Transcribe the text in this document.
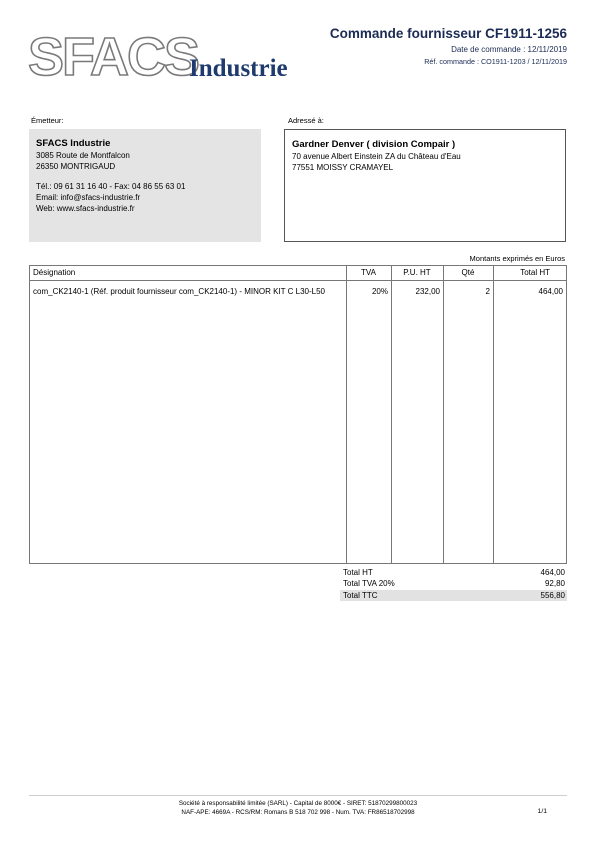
SFACS
Industrie
Commande fournisseur CF1911-1256
Date de commande : 12/11/2019
Réf. commande : CO1911-1203 / 12/11/2019
Émetteur:
SFACS Industrie
3085 Route de Montfalcon
26350 MONTRIGAUD
Tél.: 09 61 31 16 40 - Fax: 04 86 55 63 01
Email: info@sfacs-industrie.fr
Web: www.sfacs-industrie.fr
Adressé à:
Gardner Denver ( division Compair )
70 avenue Albert Einstein ZA du Château d'Eau
77551 MOISSY CRAMAYEL
Montants exprimés en Euros
Désignation	TVA	P.U. HT	Qté	Total HT
com_CK2140-1 (Réf. produit fournisseur com_CK2140-1) - MINOR KIT C L30-L50	20%	232,00	2	464,00
Total HT	464,00
Total TVA 20%	92,80
Total TTC	556,80
Société à responsabilité limitée (SARL) - Capital de 8000€ - SIRET: 51870299800023
NAF-APE: 4669A - RCS/RM: Romans B 518 702 998 - Num. TVA: FR86518702998	1/1
